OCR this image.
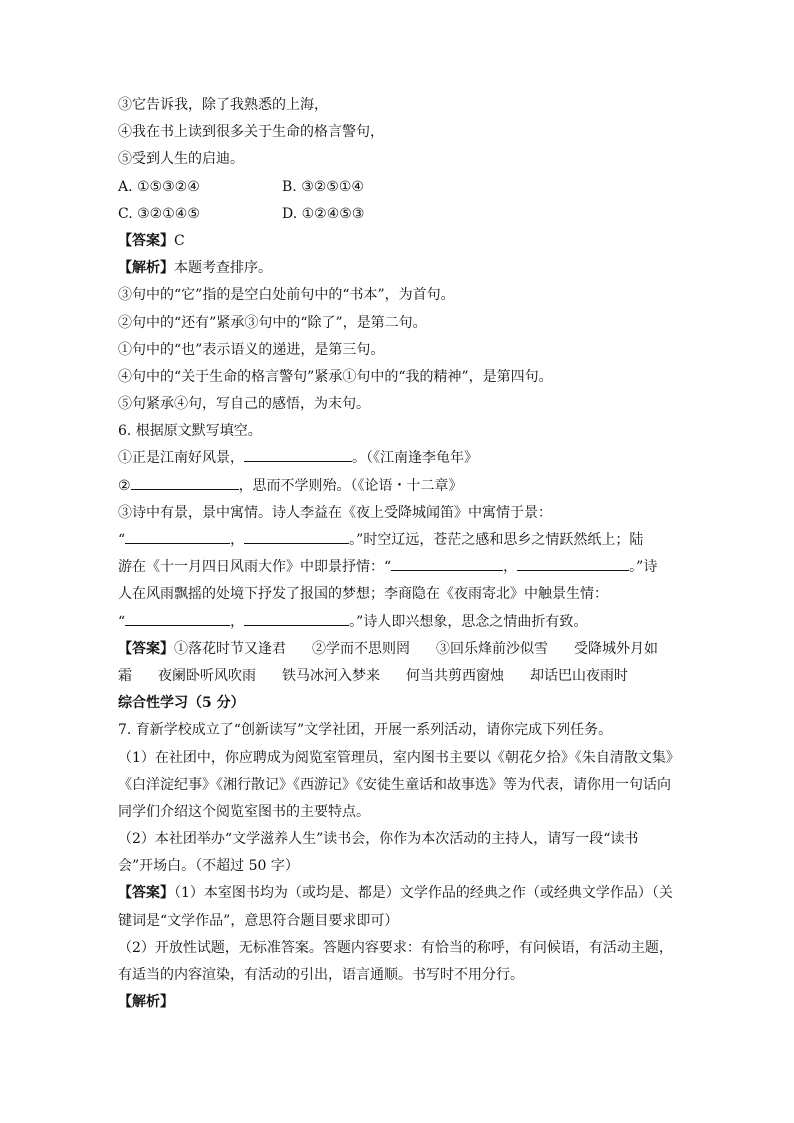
③它告诉我，除了我熟悉的上海，
④我在书上读到很多关于生命的格言警句，
⑤受到人生的启迪。
A. ①⑤③②④	B. ③②⑤①④
C. ③②①④⑤	D. ①②④⑤③
【答案】C
【解析】本题考查排序。
③句中的“它”指的是空白处前句中的“书本”，为首句。
②句中的“还有”紧承③句中的“除了”，是第二句。
①句中的“也”表示语义的递进，是第三句。
④句中的“关于生命的格言警句”紧承①句中的“我的精神”，是第四句。
⑤句紧承④句，写自己的感悟，为末句。
6. 根据原文默写填空。
①正是江南好风景，	。（《江南逢李龟年》
②	，思而不学则殆。（《论语・十二章》
③诗中有景，景中寓情。诗人李益在《夜上受降城闻笛》中寓情于景：
“	，	。”时空辽远，苍茫之感和思乡之情跃然纸上；陆
游在《十一月四日风雨大作》中即景抒情：“	，	。”诗
人在风雨飘摇的处境下抒发了报国的梦想；李商隐在《夜雨寄北》中触景生情：
“	，	。”诗人即兴想象，思念之情曲折有致。
【答案】①落花时节又逢君 ②学而不思则罔 ③回乐烽前沙似雪 受降城外月如
霜 夜阑卧听风吹雨 铁马冰河入梦来 何当共剪西窗烛 却话巴山夜雨时
综合性学习（5 分）
7. 育新学校成立了“创新读写”文学社团，开展一系列活动，请你完成下列任务。
（1）在社团中，你应聘成为阅览室管理员，室内图书主要以《朝花夕拾》《朱自清散文集》
《白洋淀纪事》《湘行散记》《西游记》《安徒生童话和故事选》等为代表，请你用一句话向
同学们介绍这个阅览室图书的主要特点。
（2）本社团举办“文学滋养人生”读书会，你作为本次活动的主持人，请写一段“读书
会”开场白。（不超过 50 字）
【答案】（1）本室图书均为（或均是、都是）文学作品的经典之作（或经典文学作品）（关
键词是“文学作品”，意思符合题目要求即可）
（2）开放性试题，无标准答案。答题内容要求：有恰当的称呼，有问候语，有活动主题，
有适当的内容渲染，有活动的引出，语言通顺。书写时不用分行。
【解析】
